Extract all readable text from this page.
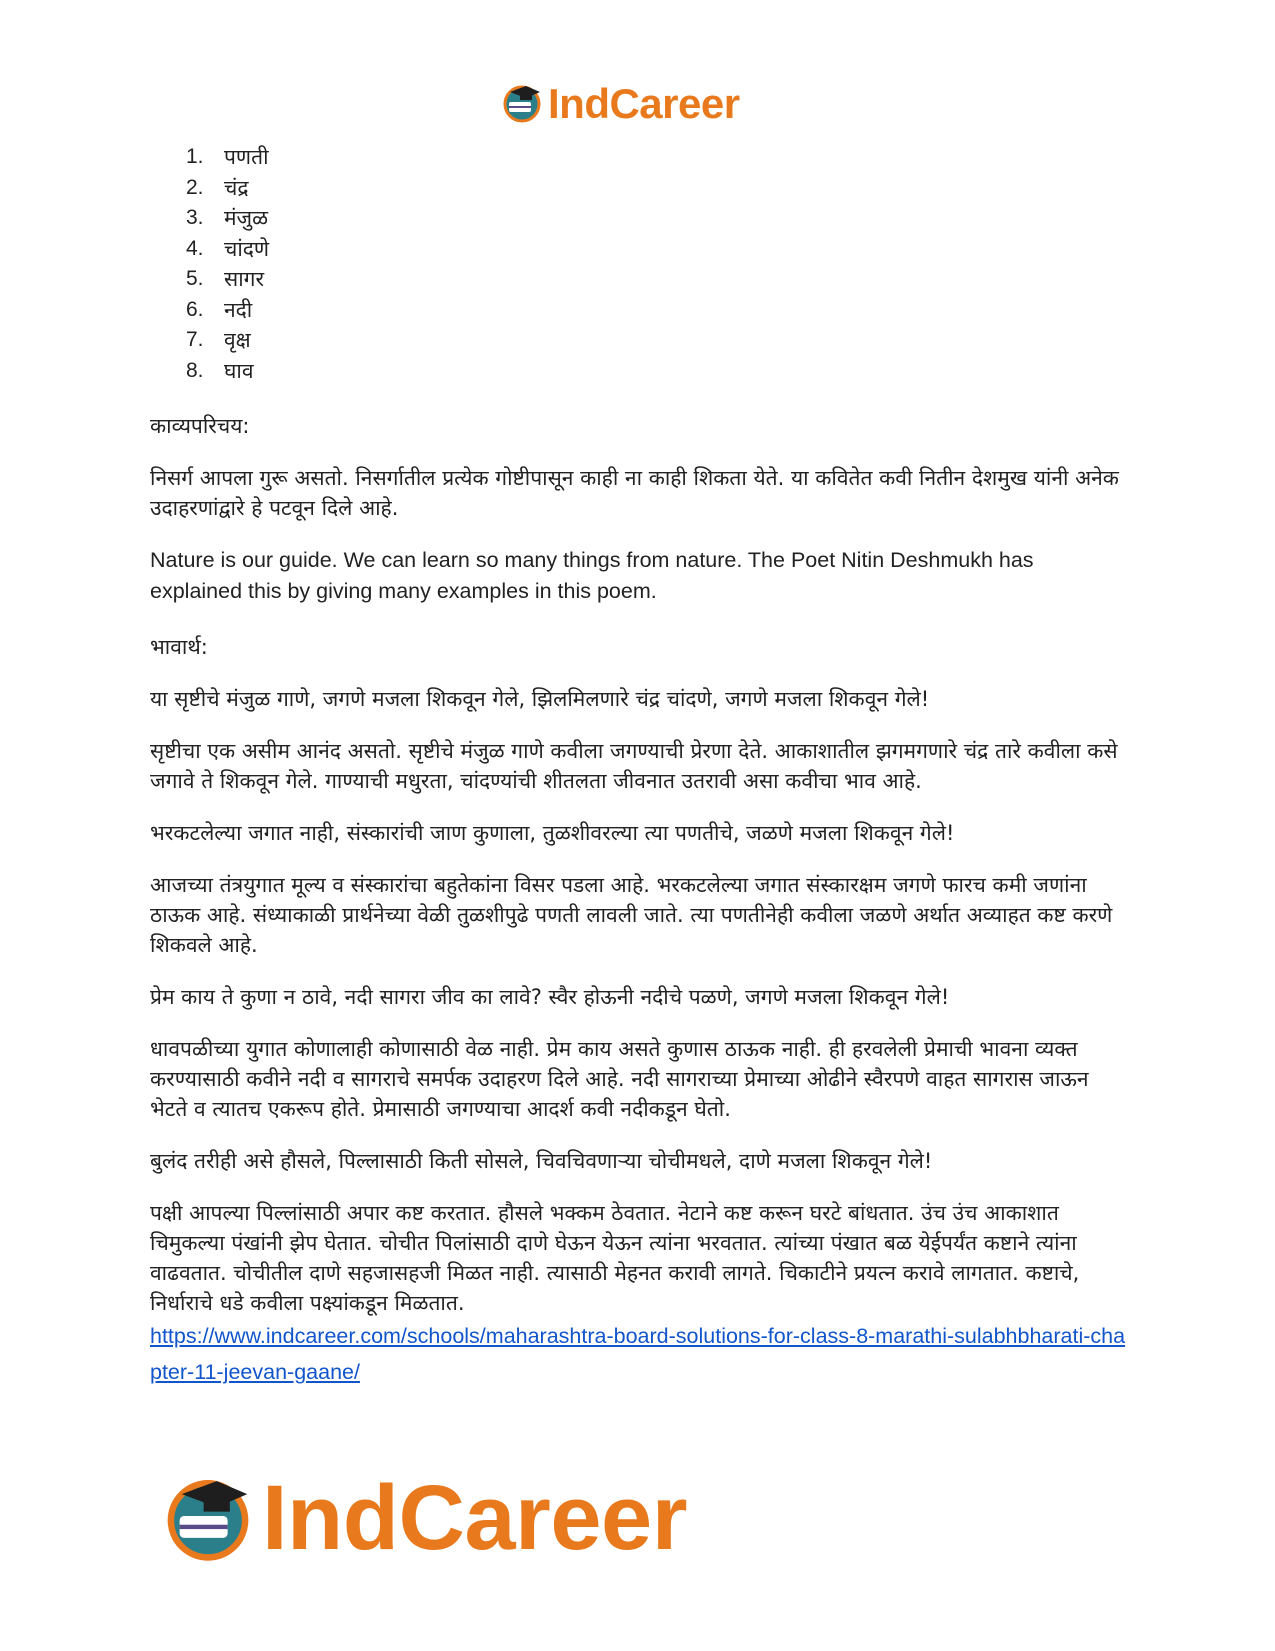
IndCareer
1. पणती
2. चंद्र
3. मंजुळ
4. चांदणे
5. सागर
6. नदी
7. वृक्ष
8. घाव
काव्यपरिचय:

निसर्ग आपला गुरू असतो. निसर्गातील प्रत्येक गोष्टीपासून काही ना काही शिकता येते. या कवितेत कवी नितीन देशमुख यांनी अनेक उदाहरणांद्वारे हे पटवून दिले आहे.

Nature is our guide. We can learn so many things from nature. The Poet Nitin Deshmukh has explained this by giving many examples in this poem.

भावार्थ:

या सृष्टीचे मंजुळ गाणे, जगणे मजला शिकवून गेले, झिलमिलणारे चंद्र चांदणे, जगणे मजला शिकवून गेले!

सृष्टीचा एक असीम आनंद असतो. सृष्टीचे मंजुळ गाणे कवीला जगण्याची प्रेरणा देते. आकाशातील झगमगणारे चंद्र तारे कवीला कसे जगावे ते शिकवून गेले. गाण्याची मधुरता, चांदण्यांची शीतलता जीवनात उतरावी असा कवीचा भाव आहे.

भरकटलेल्या जगात नाही, संस्कारांची जाण कुणाला, तुळशीवरल्या त्या पणतीचे, जळणे मजला शिकवून गेले!

आजच्या तंत्रयुगात मूल्य व संस्कारांचा बहुतेकांना विसर पडला आहे. भरकटलेल्या जगात संस्कारक्षम जगणे फारच कमी जणांना ठाऊक आहे. संध्याकाळी प्रार्थनेच्या वेळी तुळशीपुढे पणती लावली जाते. त्या पणतीनेही कवीला जळणे अर्थात अव्याहत कष्ट करणे शिकवले आहे.

प्रेम काय ते कुणा न ठावे, नदी सागरा जीव का लावे? स्वैर होऊनी नदीचे पळणे, जगणे मजला शिकवून गेले!

धावपळीच्या युगात कोणालाही कोणासाठी वेळ नाही. प्रेम काय असते कुणास ठाऊक नाही. ही हरवलेली प्रेमाची भावना व्यक्त करण्यासाठी कवीने नदी व सागराचे समर्पक उदाहरण दिले आहे. नदी सागराच्या प्रेमाच्या ओढीने स्वैरपणे वाहत सागरास जाऊन भेटते व त्यातच एकरूप होते. प्रेमासाठी जगण्याचा आदर्श कवी नदीकडून घेतो.

बुलंद तरीही असे हौसले, पिल्लासाठी किती सोसले, चिवचिवणाऱ्या चोचीमधले, दाणे मजला शिकवून गेले!

पक्षी आपल्या पिल्लांसाठी अपार कष्ट करतात. हौसले भक्कम ठेवतात. नेटाने कष्ट करून घरटे बांधतात. उंच उंच आकाशात चिमुकल्या पंखांनी झेप घेतात. चोचीत पिलांसाठी दाणे घेऊन येऊन त्यांना भरवतात. त्यांच्या पंखात बळ येईपर्यंत कष्टाने त्यांना वाढवतात. चोचीतील दाणे सहजासहजी मिळत नाही. त्यासाठी मेहनत करावी लागते. चिकाटीने प्रयत्न करावे लागतात. कष्टाचे, निर्धाराचे धडे कवीला पक्ष्यांकडून मिळतात.

https://www.indcareer.com/schools/maharashtra-board-solutions-for-class-8-marathi-sulabhbharati-chapter-11-jeevan-gaane/
IndCareer
